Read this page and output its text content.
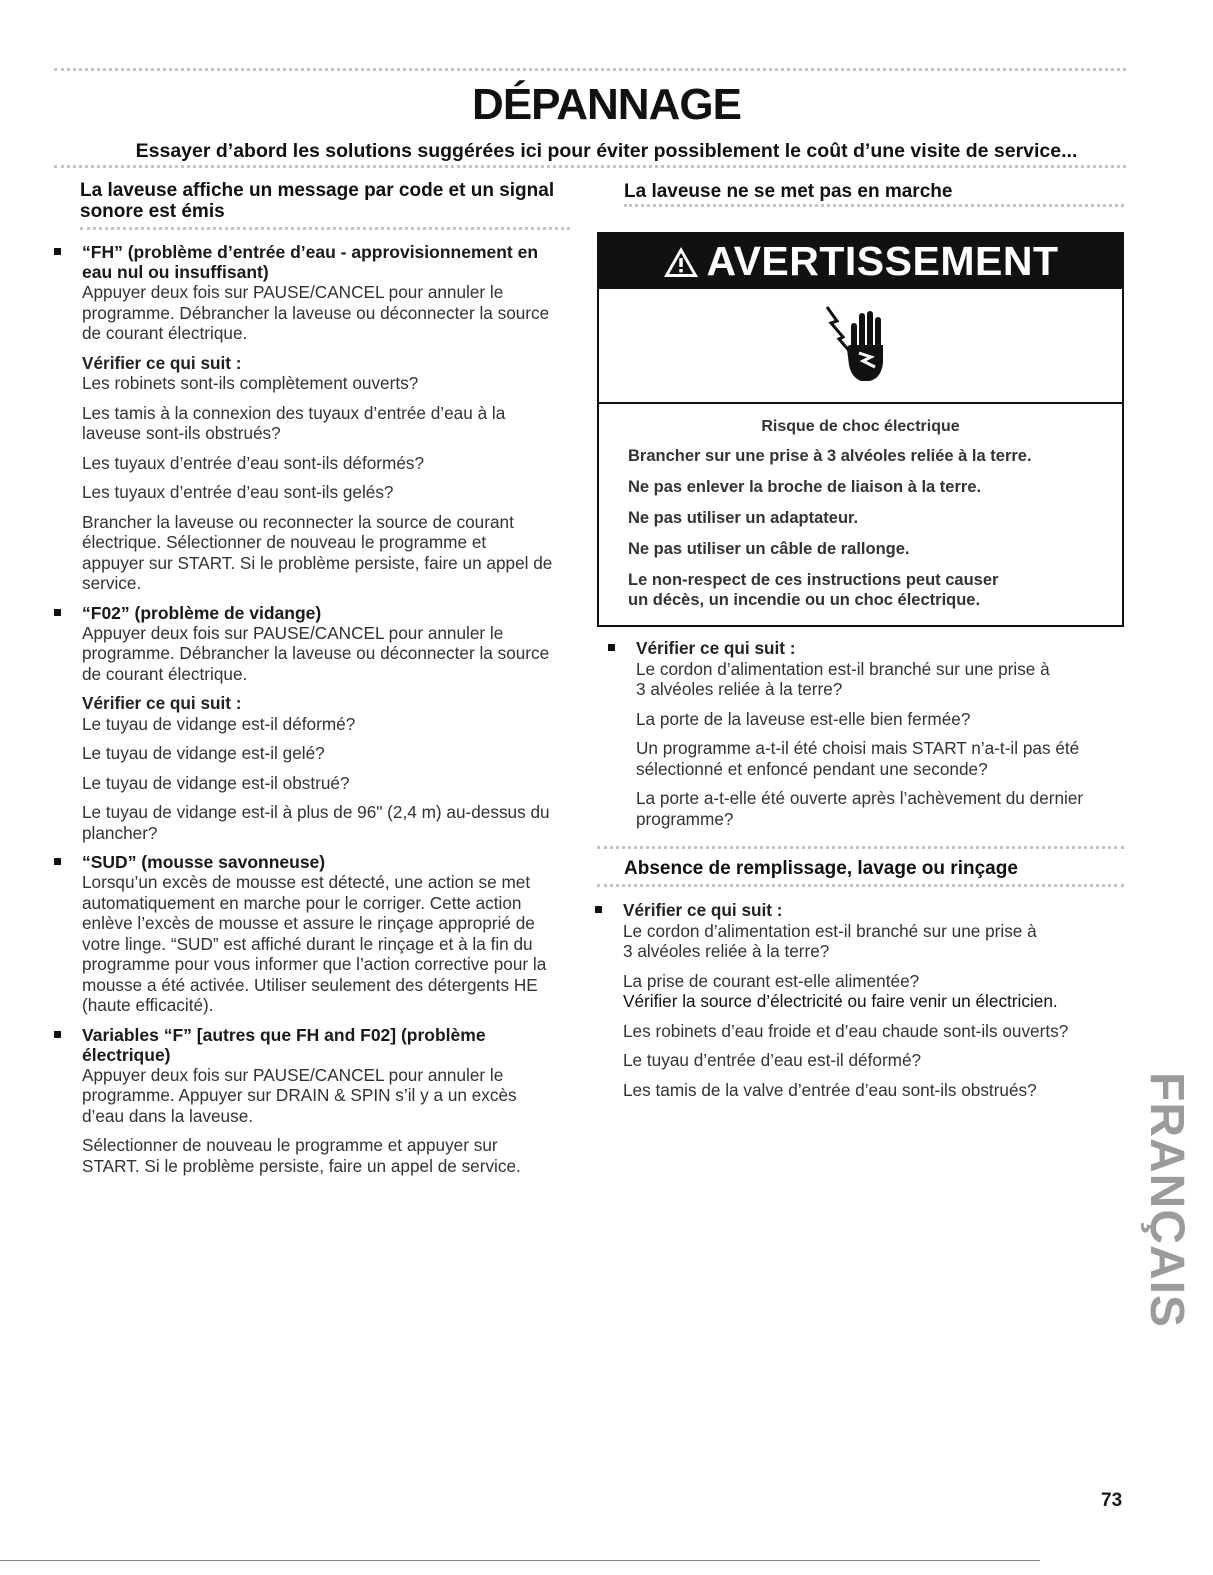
DÉPANNAGE
Essayer d’abord les solutions suggérées ici pour éviter possiblement le coût d’une visite de service...
La laveuse affiche un message par code et un signal
sonore est émis
“FH” (problème d’entrée d’eau - approvisionnement en
eau nul ou insuffisant)

Appuyer deux fois sur PAUSE/CANCEL pour annuler le
programme. Débrancher la laveuse ou déconnecter la source
de courant électrique.

Vérifier ce qui suit :

Les robinets sont-ils complètement ouverts?

Les tamis à la connexion des tuyaux d’entrée d’eau à la
laveuse sont-ils obstrués?

Les tuyaux d’entrée d’eau sont-ils déformés?

Les tuyaux d’entrée d’eau sont-ils gelés?

Brancher la laveuse ou reconnecter la source de courant
électrique. Sélectionner de nouveau le programme et
appuyer sur START. Si le problème persiste, faire un appel de
service.

“F02” (problème de vidange)

Appuyer deux fois sur PAUSE/CANCEL pour annuler le
programme. Débrancher la laveuse ou déconnecter la source
de courant électrique.

Vérifier ce qui suit :

Le tuyau de vidange est-il déformé?

Le tuyau de vidange est-il gelé?

Le tuyau de vidange est-il obstrué?

Le tuyau de vidange est-il à plus de 96" (2,4 m) au-dessus du
plancher?

“SUD” (mousse savonneuse)

Lorsqu’un excès de mousse est détecté, une action se met
automatiquement en marche pour le corriger. Cette action
enlève l’excès de mousse et assure le rinçage approprié de
votre linge. “SUD” est affiché durant le rinçage et à la fin du
programme pour vous informer que l’action corrective pour la
mousse a été activée. Utiliser seulement des détergents HE
(haute efficacité).

Variables “F” [autres que FH and F02] (problème
électrique)

Appuyer deux fois sur PAUSE/CANCEL pour annuler le
programme. Appuyer sur DRAIN & SPIN s’il y a un excès
d’eau dans la laveuse.

Sélectionner de nouveau le programme et appuyer sur
START. Si le problème persiste, faire un appel de service.

La laveuse ne se met pas en marche
AVERTISSEMENT
Risque de choc électrique
Brancher sur une prise à 3 alvéoles reliée à la terre.
Ne pas enlever la broche de liaison à la terre.
Ne pas utiliser un adaptateur.
Ne pas utiliser un câble de rallonge.
Le non-respect de ces instructions peut causer
un décès, un incendie ou un choc électrique.
Vérifier ce qui suit :

Le cordon d’alimentation est-il branché sur une prise à
3 alvéoles reliée à la terre?

La porte de la laveuse est-elle bien fermée?

Un programme a-t-il été choisi mais START n’a-t-il pas été
sélectionné et enfoncé pendant une seconde?

La porte a-t-elle été ouverte après l’achèvement du dernier
programme?

Absence de remplissage, lavage ou rinçage
Vérifier ce qui suit :

Le cordon d’alimentation est-il branché sur une prise à
3 alvéoles reliée à la terre?

La prise de courant est-elle alimentée?
Vérifier la source d’électricité ou faire venir un électricien.

Les robinets d’eau froide et d’eau chaude sont-ils ouverts?

Le tuyau d’entrée d’eau est-il déformé?

Les tamis de la valve d’entrée d’eau sont-ils obstrués?	FRANÇAIS
73
